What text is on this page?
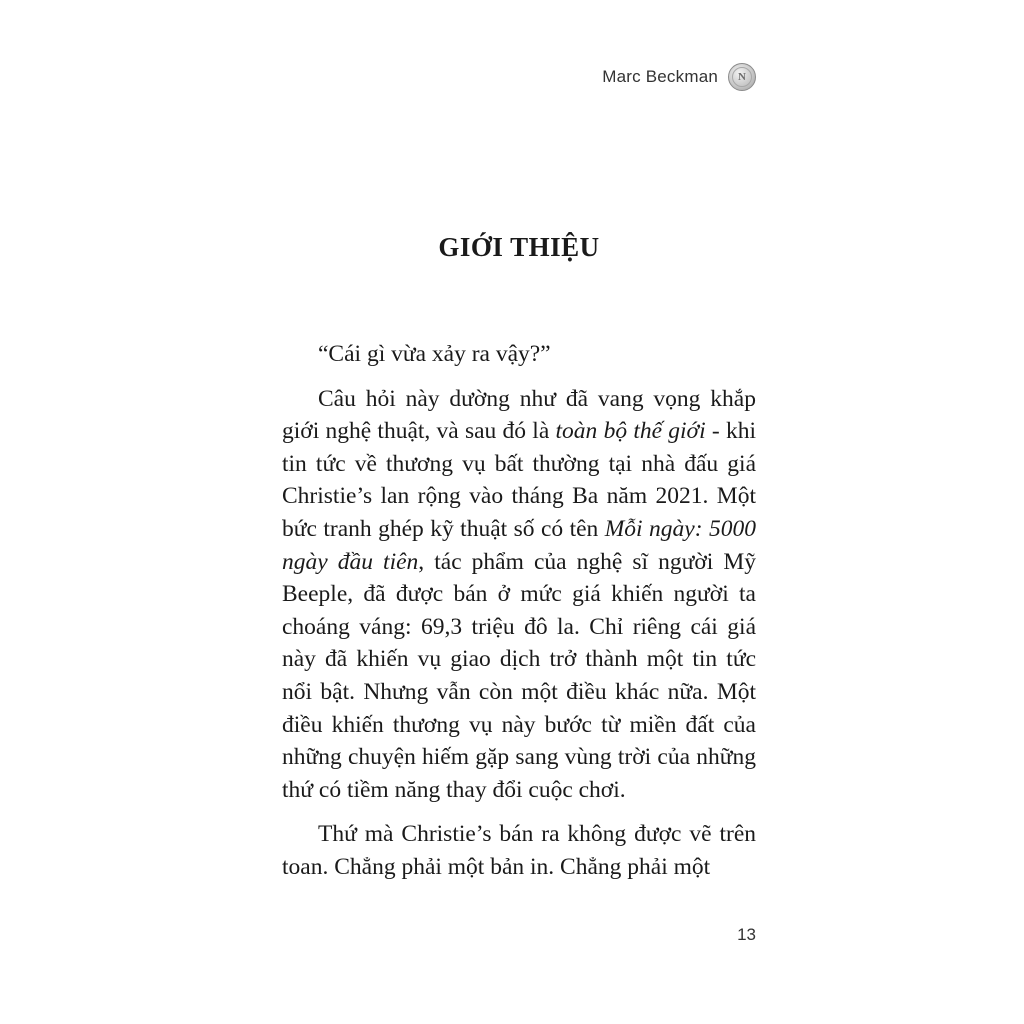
Marc Beckman	N
GIỚI THIỆU

“Cái gì vừa xảy ra vậy?”

Câu hỏi này dường như đã vang vọng khắp giới nghệ thuật, và sau đó là toàn bộ thế giới - khi tin tức về thương vụ bất thường tại nhà đấu giá Christie’s lan rộng vào tháng Ba năm 2021. Một bức tranh ghép kỹ thuật số có tên Mỗi ngày: 5000 ngày đầu tiên, tác phẩm của nghệ sĩ người Mỹ Beeple, đã được bán ở mức giá khiến người ta choáng váng: 69,3 triệu đô la. Chỉ riêng cái giá này đã khiến vụ giao dịch trở thành một tin tức nổi bật. Nhưng vẫn còn một điều khác nữa. Một điều khiến thương vụ này bước từ miền đất của những chuyện hiếm gặp sang vùng trời của những thứ có tiềm năng thay đổi cuộc chơi.

Thứ mà Christie’s bán ra không được vẽ trên toan. Chẳng phải một bản in. Chẳng phải một

13
